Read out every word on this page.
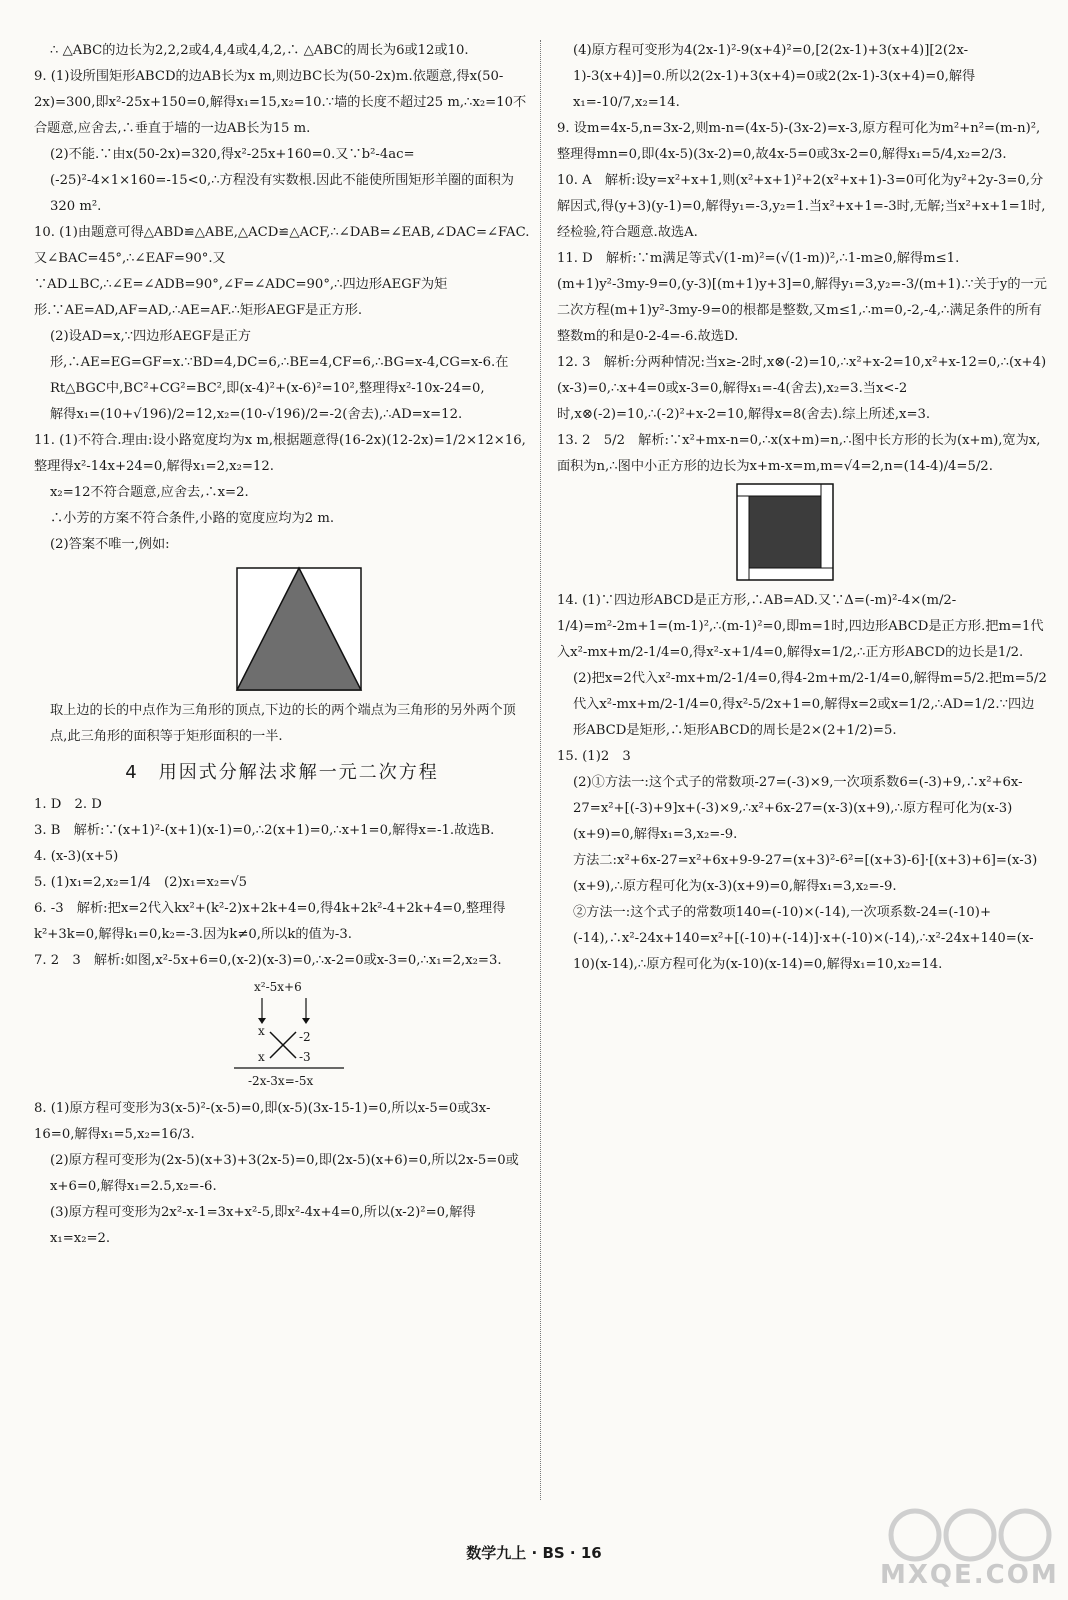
∴ △ABC的边长为2,2,2或4,4,4或4,4,2,∴ △ABC的周长为6或12或10.

9. (1)设所围矩形ABCD的边AB长为x m,则边BC长为(50-2x)m.依题意,得x(50-2x)=300,即x²-25x+150=0,解得x₁=15,x₂=10.∵墙的长度不超过25 m,∴x₂=10不合题意,应舍去,∴垂直于墙的一边AB长为15 m.

(2)不能.∵由x(50-2x)=320,得x²-25x+160=0.又∵b²-4ac=(-25)²-4×1×160=-15<0,∴方程没有实数根.因此不能使所围矩形羊圈的面积为320 m².

10. (1)由题意可得△ABD≌△ABE,△ACD≌△ACF,∴∠DAB=∠EAB,∠DAC=∠FAC.又∠BAC=45°,∴∠EAF=90°.又∵AD⊥BC,∴∠E=∠ADB=90°,∠F=∠ADC=90°,∴四边形AEGF为矩形.∵AE=AD,AF=AD,∴AE=AF.∴矩形AEGF是正方形.

(2)设AD=x,∵四边形AEGF是正方形,∴AE=EG=GF=x.∵BD=4,DC=6,∴BE=4,CF=6,∴BG=x-4,CG=x-6.在Rt△BGC中,BC²+CG²=BC²,即(x-4)²+(x-6)²=10²,整理得x²-10x-24=0,

解得x₁=(10+√196)/2=12,x₂=(10-√196)/2=-2(舍去),∴AD=x=12.

11. (1)不符合.理由:设小路宽度均为x m,根据题意得(16-2x)(12-2x)=1/2×12×16,整理得x²-14x+24=0,解得x₁=2,x₂=12.

x₂=12不符合题意,应舍去,∴x=2.

∴小芳的方案不符合条件,小路的宽度应均为2 m.

(2)答案不唯一,例如:

取上边的长的中点作为三角形的顶点,下边的长的两个端点为三角形的另外两个顶点,此三角形的面积等于矩形面积的一半.

4　用因式分解法求解一元二次方程

1. D　2. D

3. B　解析:∵(x+1)²-(x+1)(x-1)=0,∴2(x+1)=0,∴x+1=0,解得x=-1.故选B.

4. (x-3)(x+5)

5. (1)x₁=2,x₂=1/4　(2)x₁=x₂=√5

6. -3　解析:把x=2代入kx²+(k²-2)x+2k+4=0,得4k+2k²-4+2k+4=0,整理得k²+3k=0,解得k₁=0,k₂=-3.因为k≠0,所以k的值为-3.

7. 2　3　解析:如图,x²-5x+6=0,(x-2)(x-3)=0,∴x-2=0或x-3=0,∴x₁=2,x₂=3.

x²-5x+6
x	-2
x	-3
-2x-3x=-5x

8. (1)原方程可变形为3(x-5)²-(x-5)=0,即(x-5)(3x-15-1)=0,所以x-5=0或3x-16=0,解得x₁=5,x₂=16/3.

(2)原方程可变形为(2x-5)(x+3)+3(2x-5)=0,即(2x-5)(x+6)=0,所以2x-5=0或x+6=0,解得x₁=2.5,x₂=-6.

(3)原方程可变形为2x²-x-1=3x+x²-5,即x²-4x+4=0,所以(x-2)²=0,解得x₁=x₂=2.

(4)原方程可变形为4(2x-1)²-9(x+4)²=0,[2(2x-1)+3(x+4)][2(2x-1)-3(x+4)]=0.所以2(2x-1)+3(x+4)=0或2(2x-1)-3(x+4)=0,解得x₁=-10/7,x₂=14.

9. 设m=4x-5,n=3x-2,则m-n=(4x-5)-(3x-2)=x-3,原方程可化为m²+n²=(m-n)²,整理得mn=0,即(4x-5)(3x-2)=0,故4x-5=0或3x-2=0,解得x₁=5/4,x₂=2/3.

10. A　解析:设y=x²+x+1,则(x²+x+1)²+2(x²+x+1)-3=0可化为y²+2y-3=0,分解因式,得(y+3)(y-1)=0,解得y₁=-3,y₂=1.当x²+x+1=-3时,无解;当x²+x+1=1时,经检验,符合题意.故选A.

11. D　解析:∵m满足等式√(1-m)²=(√(1-m))²,∴1-m≥0,解得m≤1.(m+1)y²-3my-9=0,(y-3)[(m+1)y+3]=0,解得y₁=3,y₂=-3/(m+1).∵关于y的一元二次方程(m+1)y²-3my-9=0的根都是整数,又m≤1,∴m=0,-2,-4,∴满足条件的所有整数m的和是0-2-4=-6.故选D.

12. 3　解析:分两种情况:当x≥-2时,x⊗(-2)=10,∴x²+x-2=10,x²+x-12=0,∴(x+4)(x-3)=0,∴x+4=0或x-3=0,解得x₁=-4(舍去),x₂=3.当x<-2时,x⊗(-2)=10,∴(-2)²+x-2=10,解得x=8(舍去).综上所述,x=3.

13. 2　5/2　解析:∵x²+mx-n=0,∴x(x+m)=n,∴图中长方形的长为(x+m),宽为x,面积为n,∴图中小正方形的边长为x+m-x=m,m=√4=2,n=(14-4)/4=5/2.

14. (1)∵四边形ABCD是正方形,∴AB=AD.又∵Δ=(-m)²-4×(m/2-1/4)=m²-2m+1=(m-1)²,∴(m-1)²=0,即m=1时,四边形ABCD是正方形.把m=1代入x²-mx+m/2-1/4=0,得x²-x+1/4=0,解得x=1/2,∴正方形ABCD的边长是1/2.

(2)把x=2代入x²-mx+m/2-1/4=0,得4-2m+m/2-1/4=0,解得m=5/2.把m=5/2代入x²-mx+m/2-1/4=0,得x²-5/2x+1=0,解得x=2或x=1/2,∴AD=1/2.∵四边形ABCD是矩形,∴矩形ABCD的周长是2×(2+1/2)=5.

15. (1)2　3

(2)①方法一:这个式子的常数项-27=(-3)×9,一次项系数6=(-3)+9,∴x²+6x-27=x²+[(-3)+9]x+(-3)×9,∴x²+6x-27=(x-3)(x+9),∴原方程可化为(x-3)(x+9)=0,解得x₁=3,x₂=-9.

方法二:x²+6x-27=x²+6x+9-9-27=(x+3)²-6²=[(x+3)-6]·[(x+3)+6]=(x-3)(x+9),∴原方程可化为(x-3)(x+9)=0,解得x₁=3,x₂=-9.

②方法一:这个式子的常数项140=(-10)×(-14),一次项系数-24=(-10)+(-14),∴x²-24x+140=x²+[(-10)+(-14)]·x+(-10)×(-14),∴x²-24x+140=(x-10)(x-14),∴原方程可化为(x-10)(x-14)=0,解得x₁=10,x₂=14.

数学九上 · BS · 16
MXQE.COM
